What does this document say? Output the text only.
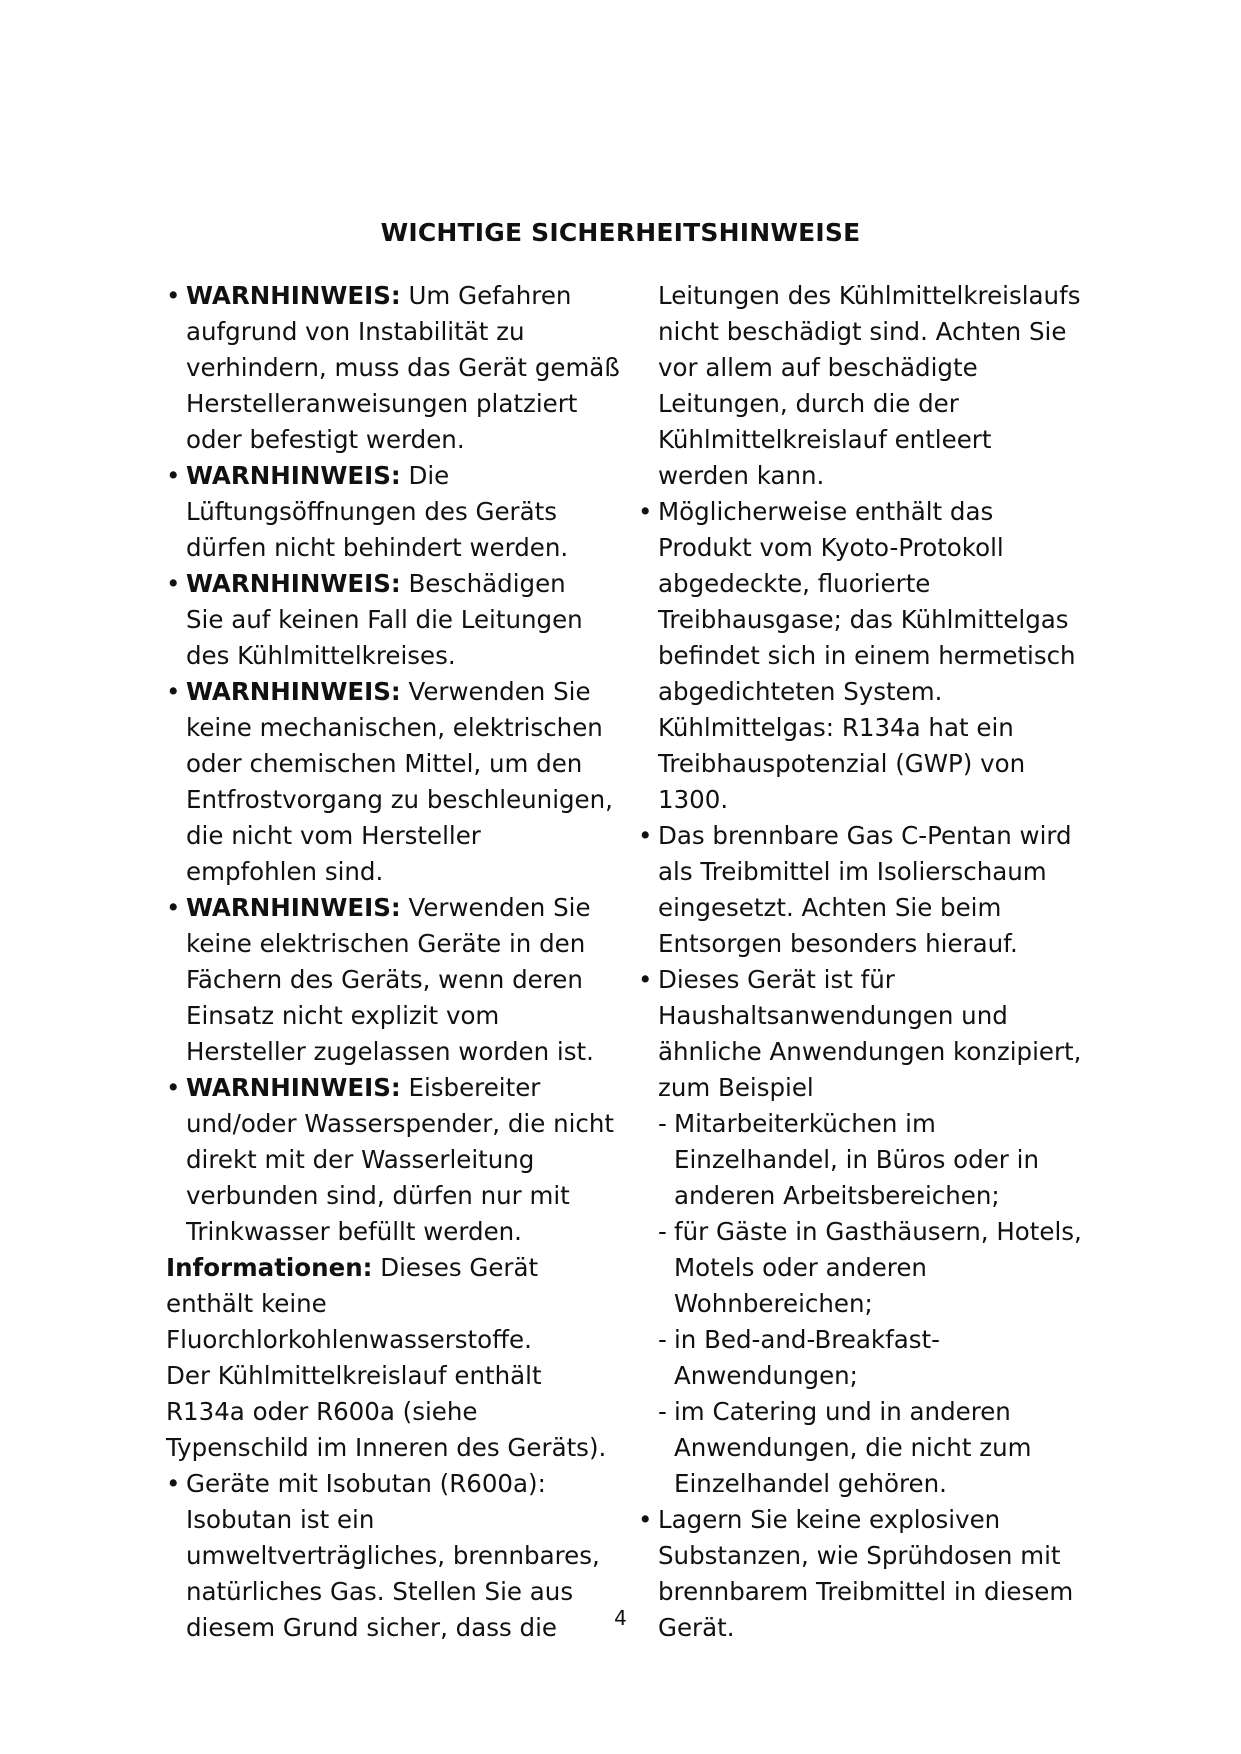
WICHTIGE SICHERHEITSHINWEISE
• WARNHINWEIS: Um Gefahren
aufgrund von Instabilität zu
verhindern, muss das Gerät gemäß
Herstelleranweisungen platziert
oder befestigt werden.
• WARNHINWEIS: Die
Lüftungsöffnungen des Geräts
dürfen nicht behindert werden.
• WARNHINWEIS: Beschädigen
Sie auf keinen Fall die Leitungen
des Kühlmittelkreises.
• WARNHINWEIS: Verwenden Sie
keine mechanischen, elektrischen
oder chemischen Mittel, um den
Entfrostvorgang zu beschleunigen,
die nicht vom Hersteller
empfohlen sind.
• WARNHINWEIS: Verwenden Sie
keine elektrischen Geräte in den
Fächern des Geräts, wenn deren
Einsatz nicht explizit vom
Hersteller zugelassen worden ist.
• WARNHINWEIS: Eisbereiter
und/oder Wasserspender, die nicht
direkt mit der Wasserleitung
verbunden sind, dürfen nur mit
Trinkwasser befüllt werden.
Informationen: Dieses Gerät
enthält keine
Fluorchlorkohlenwasserstoffe.
Der Kühlmittelkreislauf enthält
R134a oder R600a (siehe
Typenschild im Inneren des Geräts).
• Geräte mit Isobutan (R600a):
Isobutan ist ein
umweltverträgliches, brennbares,
natürliches Gas. Stellen Sie aus
diesem Grund sicher, dass die
Leitungen des Kühlmittelkreislaufs
nicht beschädigt sind. Achten Sie
vor allem auf beschädigte
Leitungen, durch die der
Kühlmittelkreislauf entleert
werden kann.
• Möglicherweise enthält das
Produkt vom Kyoto-Protokoll
abgedeckte, fluorierte
Treibhausgase; das Kühlmittelgas
befindet sich in einem hermetisch
abgedichteten System.
Kühlmittelgas: R134a hat ein
Treibhauspotenzial (GWP) von
1300.
• Das brennbare Gas C-Pentan wird
als Treibmittel im Isolierschaum
eingesetzt. Achten Sie beim
Entsorgen besonders hierauf.
• Dieses Gerät ist für
Haushaltsanwendungen und
ähnliche Anwendungen konzipiert,
zum Beispiel
- Mitarbeiterküchen im
Einzelhandel, in Büros oder in
anderen Arbeitsbereichen;
- für Gäste in Gasthäusern, Hotels,
Motels oder anderen
Wohnbereichen;
- in Bed-and-Breakfast-
Anwendungen;
- im Catering und in anderen
Anwendungen, die nicht zum
Einzelhandel gehören.
• Lagern Sie keine explosiven
Substanzen, wie Sprühdosen mit
brennbarem Treibmittel in diesem
Gerät.
4
